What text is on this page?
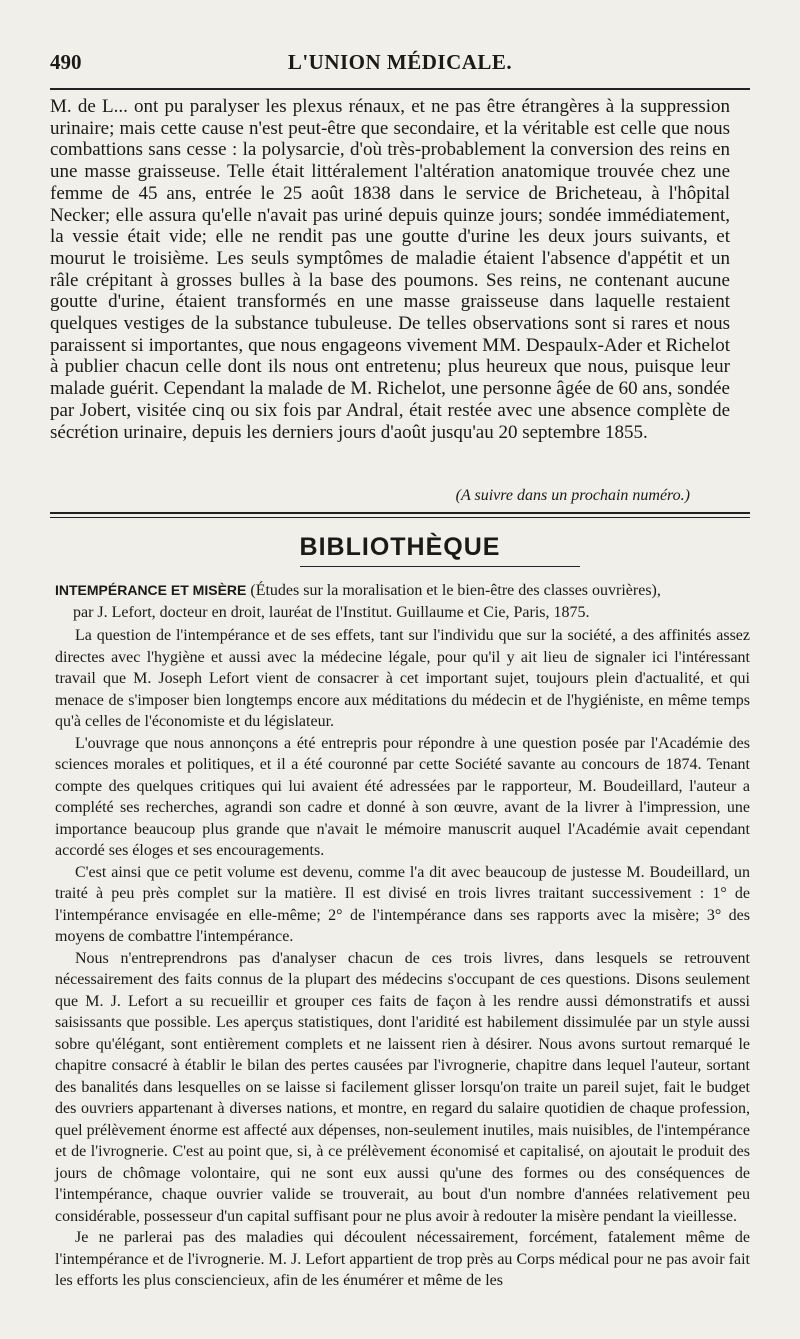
490	L'UNION MÉDICALE.

M. de L... ont pu paralyser les plexus rénaux, et ne pas être étrangères à la suppression urinaire; mais cette cause n'est peut-être que secondaire, et la véritable est celle que nous combattions sans cesse : la polysarcie, d'où très-probablement la conversion des reins en une masse graisseuse. Telle était littéralement l'altération anatomique trouvée chez une femme de 45 ans, entrée le 25 août 1838 dans le service de Bricheteau, à l'hôpital Necker; elle assura qu'elle n'avait pas uriné depuis quinze jours; sondée immédiatement, la vessie était vide; elle ne rendit pas une goutte d'urine les deux jours suivants, et mourut le troisième. Les seuls symptômes de maladie étaient l'absence d'appétit et un râle crépitant à grosses bulles à la base des poumons. Ses reins, ne contenant aucune goutte d'urine, étaient transformés en une masse graisseuse dans laquelle restaient quelques vestiges de la substance tubuleuse. De telles observations sont si rares et nous paraissent si importantes, que nous engageons vivement MM. Despaulx-Ader et Richelot à publier chacun celle dont ils nous ont entretenu; plus heureux que nous, puisque leur malade guérit. Cependant la malade de M. Richelot, une personne âgée de 60 ans, sondée par Jobert, visitée cinq ou six fois par Andral, était restée avec une absence complète de sécrétion urinaire, depuis les derniers jours d'août jusqu'au 20 septembre 1855.

(A suivre dans un prochain numéro.)
BIBLIOTHÈQUE

INTEMPÉRANCE ET MISÈRE (Études sur la moralisation et le bien-être des classes ouvrières),
par J. Lefort, docteur en droit, lauréat de l'Institut. Guillaume et Cie, Paris, 1875.

La question de l'intempérance et de ses effets, tant sur l'individu que sur la société, a des affinités assez directes avec l'hygiène et aussi avec la médecine légale, pour qu'il y ait lieu de signaler ici l'intéressant travail que M. Joseph Lefort vient de consacrer à cet important sujet, toujours plein d'actualité, et qui menace de s'imposer bien longtemps encore aux méditations du médecin et de l'hygiéniste, en même temps qu'à celles de l'économiste et du législateur.

L'ouvrage que nous annonçons a été entrepris pour répondre à une question posée par l'Académie des sciences morales et politiques, et il a été couronné par cette Société savante au concours de 1874. Tenant compte des quelques critiques qui lui avaient été adressées par le rapporteur, M. Boudeillard, l'auteur a complété ses recherches, agrandi son cadre et donné à son œuvre, avant de la livrer à l'impression, une importance beaucoup plus grande que n'avait le mémoire manuscrit auquel l'Académie avait cependant accordé ses éloges et ses encouragements.

C'est ainsi que ce petit volume est devenu, comme l'a dit avec beaucoup de justesse M. Boudeillard, un traité à peu près complet sur la matière. Il est divisé en trois livres traitant successivement : 1° de l'intempérance envisagée en elle-même; 2° de l'intempérance dans ses rapports avec la misère; 3° des moyens de combattre l'intempérance.

Nous n'entreprendrons pas d'analyser chacun de ces trois livres, dans lesquels se retrouvent nécessairement des faits connus de la plupart des médecins s'occupant de ces questions. Disons seulement que M. J. Lefort a su recueillir et grouper ces faits de façon à les rendre aussi démonstratifs et aussi saisissants que possible. Les aperçus statistiques, dont l'aridité est habilement dissimulée par un style aussi sobre qu'élégant, sont entièrement complets et ne laissent rien à désirer. Nous avons surtout remarqué le chapitre consacré à établir le bilan des pertes causées par l'ivrognerie, chapitre dans lequel l'auteur, sortant des banalités dans lesquelles on se laisse si facilement glisser lorsqu'on traite un pareil sujet, fait le budget des ouvriers appartenant à diverses nations, et montre, en regard du salaire quotidien de chaque profession, quel prélèvement énorme est affecté aux dépenses, non-seulement inutiles, mais nuisibles, de l'intempérance et de l'ivrognerie. C'est au point que, si, à ce prélèvement économisé et capitalisé, on ajoutait le produit des jours de chômage volontaire, qui ne sont eux aussi qu'une des formes ou des conséquences de l'intempérance, chaque ouvrier valide se trouverait, au bout d'un nombre d'années relativement peu considérable, possesseur d'un capital suffisant pour ne plus avoir à redouter la misère pendant la vieillesse.

Je ne parlerai pas des maladies qui découlent nécessairement, forcément, fatalement même de l'intempérance et de l'ivrognerie. M. J. Lefort appartient de trop près au Corps médical pour ne pas avoir fait les efforts les plus consciencieux, afin de les énumérer et même de les
